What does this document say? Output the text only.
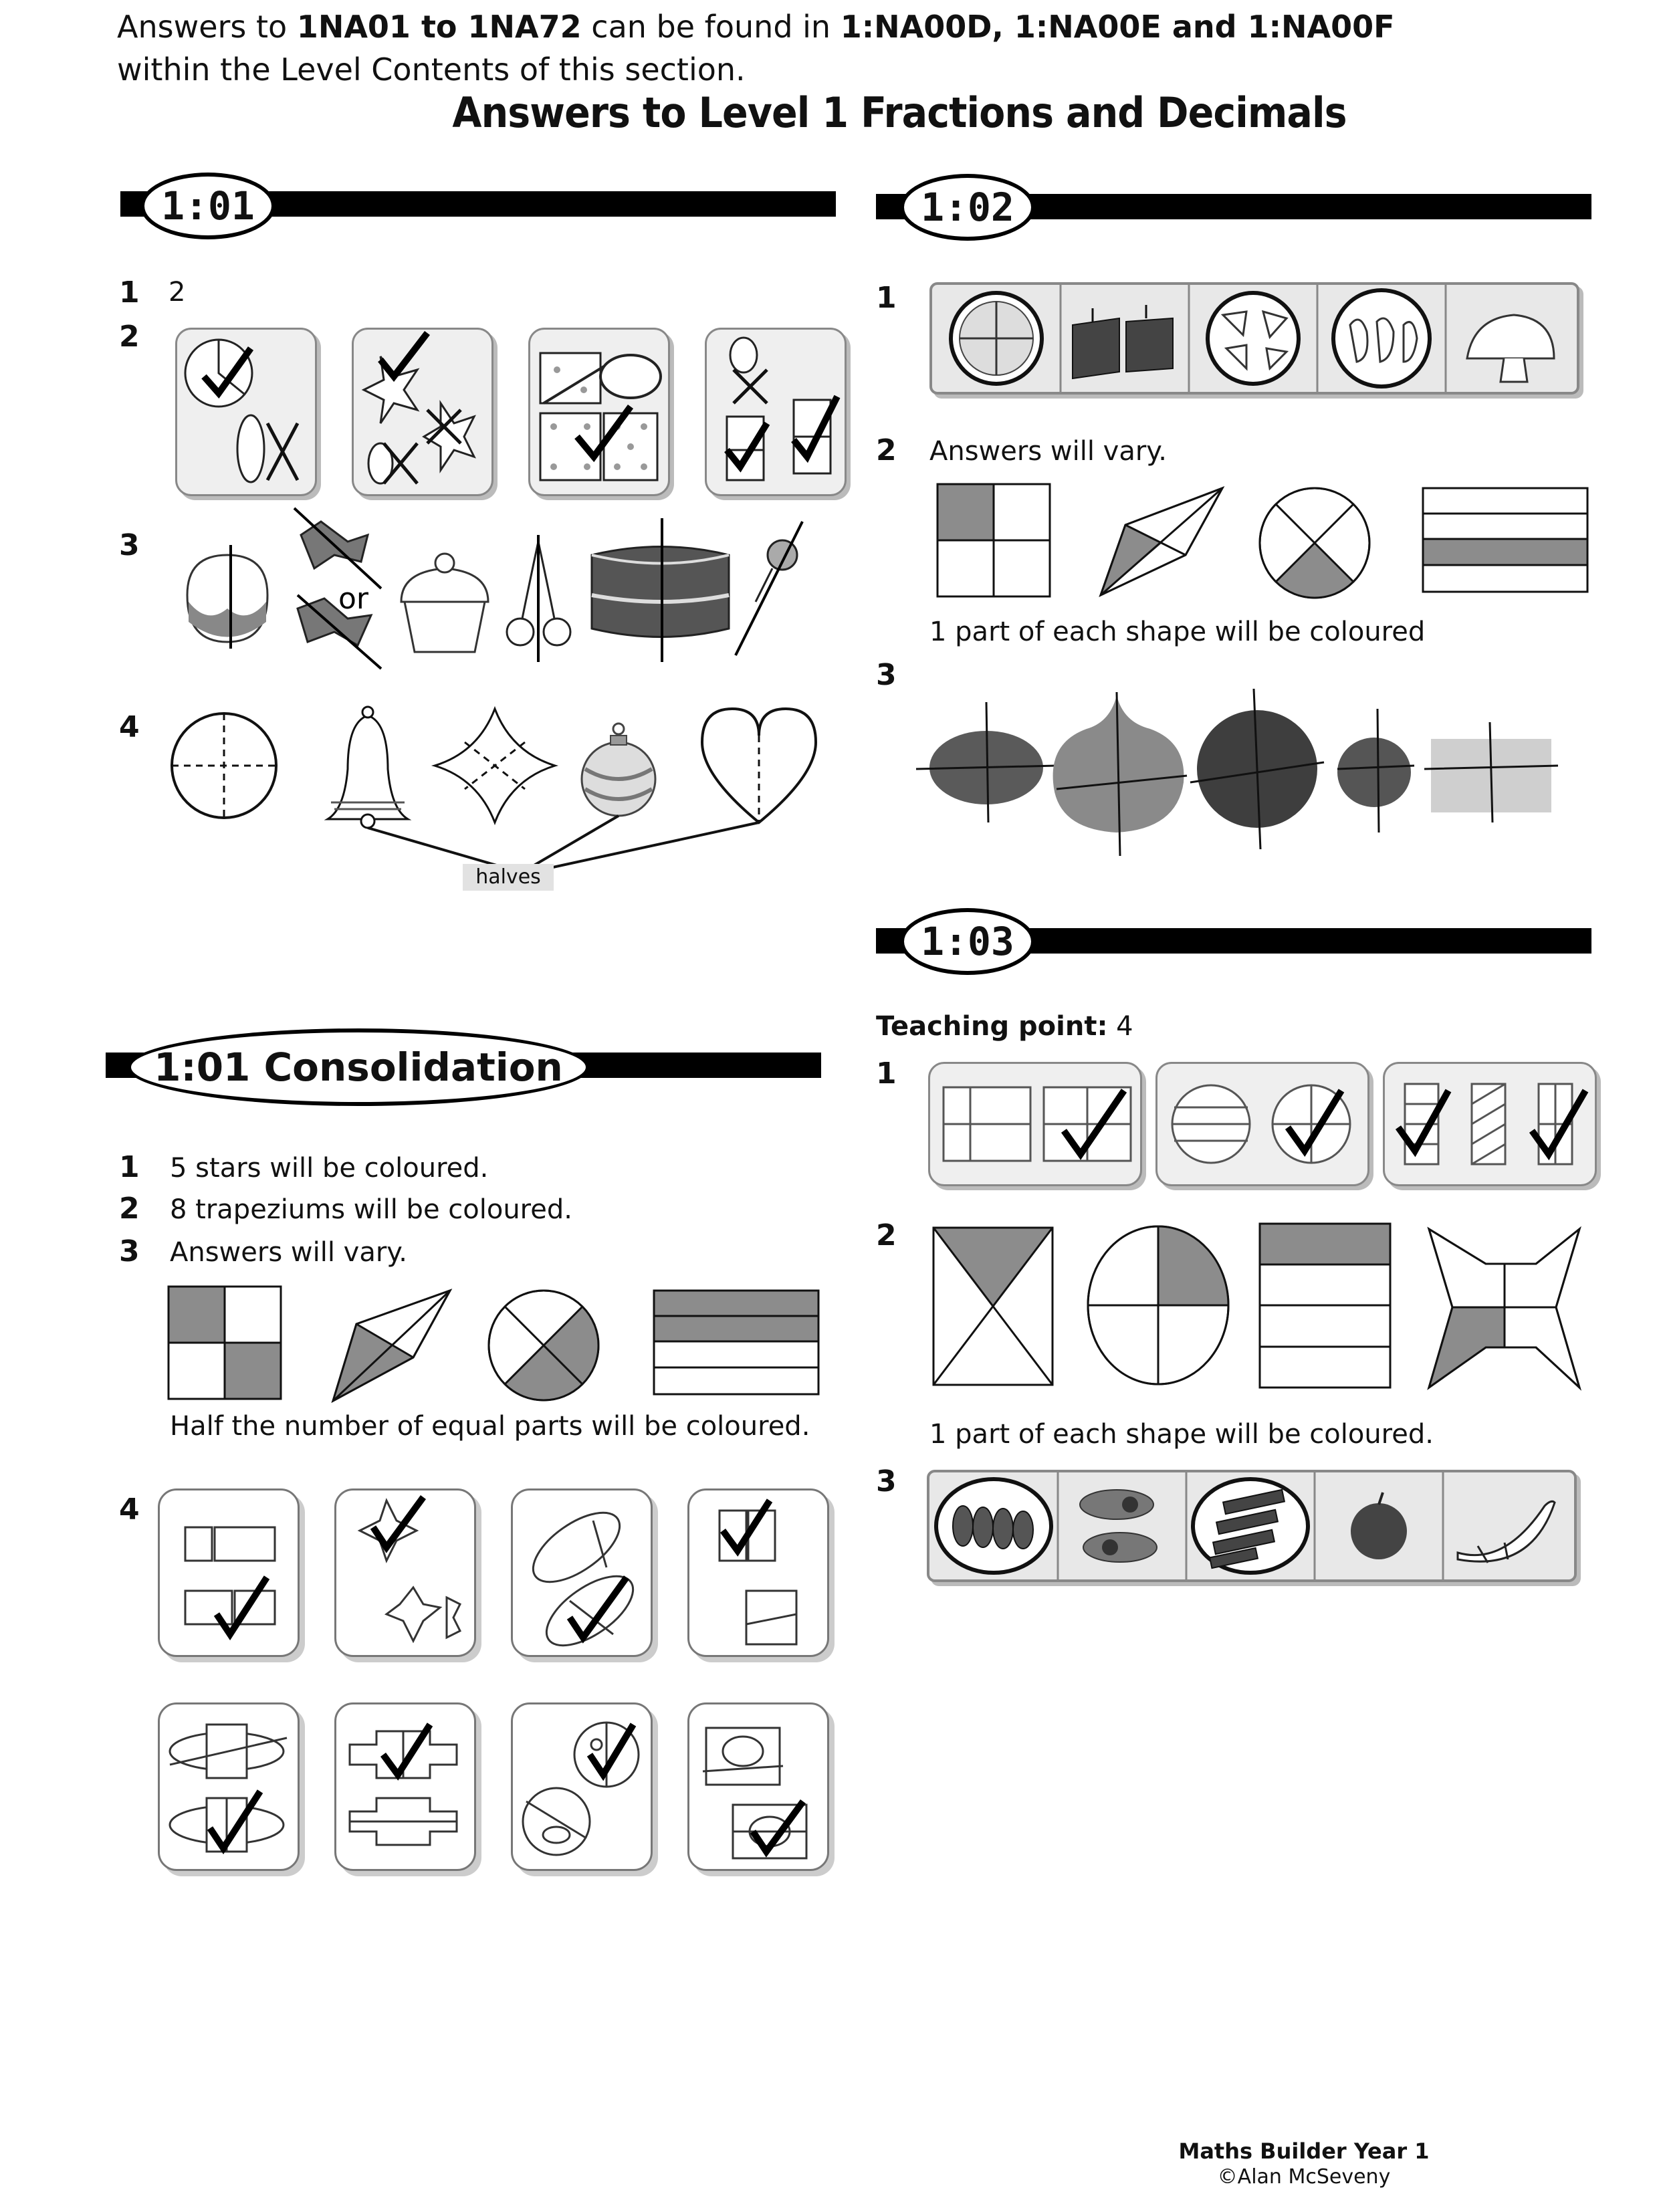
Answers to 1NA01 to 1NA72 can be found in 1:NA00D, 1:NA00E and 1:NA00F
within the Level Contents of this section.
Answers to Level 1 Fractions and Decimals
1:01
1 2
2
3
or
4
halves
1:01 Consolidation
1 5 stars will be coloured.
2 8 trapeziums will be coloured.
3 Answers will vary.
Half the number of equal parts will be coloured.
4
1:02
1
2 Answers will vary.
1 part of each shape will be coloured
3
1:03
Teaching point: 4
1
2
1 part of each shape will be coloured.
3
Maths Builder Year 1
©Alan McSeveny
